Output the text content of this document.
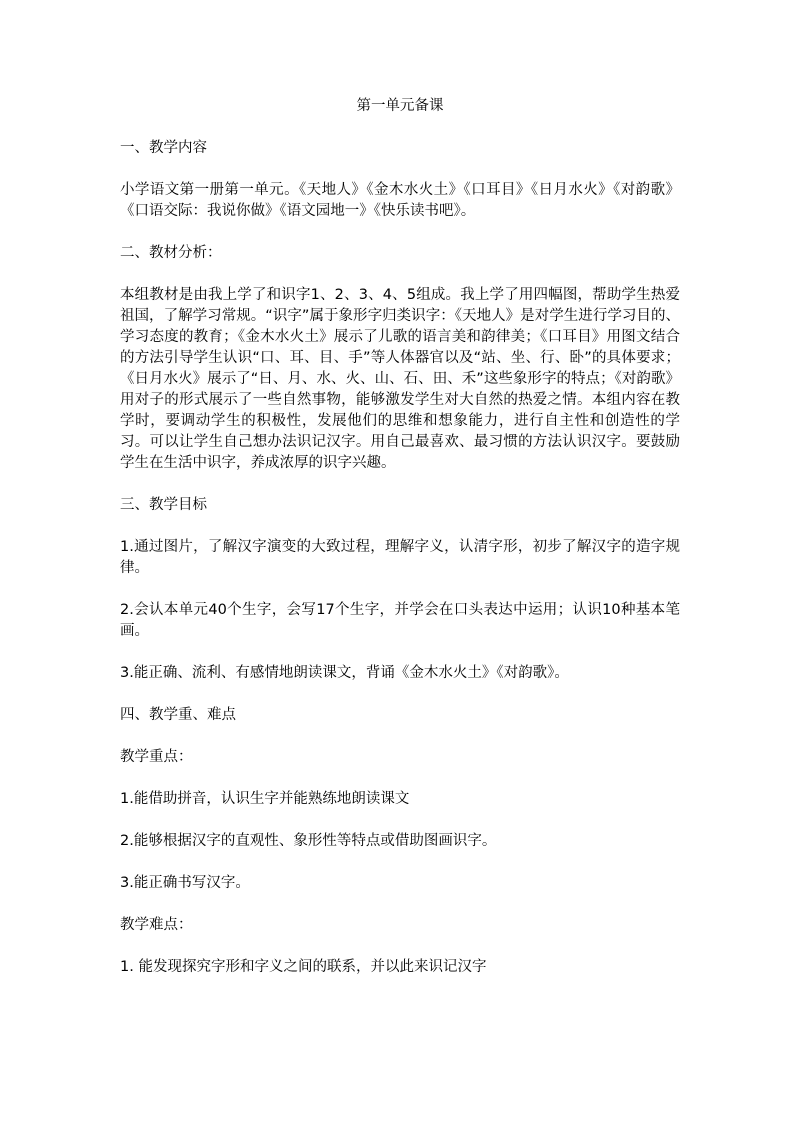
第一单元备课

一、教学内容

小学语文第一册第一单元。《天地人》《金木水火土》《口耳目》《日月水火》《对韵歌》《口语交际：我说你做》《语文园地一》《快乐读书吧》。

二、教材分析：

本组教材是由我上学了和识字1、2、3、4、5组成。我上学了用四幅图，帮助学生热爱祖国，了解学习常规。“识字”属于象形字归类识字：《天地人》是对学生进行学习目的、学习态度的教育；《金木水火土》展示了儿歌的语言美和韵律美；《口耳目》用图文结合的方法引导学生认识“口、耳、目、手”等人体器官以及“站、坐、行、卧”的具体要求；《日月水火》展示了“日、月、水、火、山、石、田、禾”这些象形字的特点；《对韵歌》用对子的形式展示了一些自然事物，能够激发学生对大自然的热爱之情。本组内容在教学时，要调动学生的积极性，发展他们的思维和想象能力，进行自主性和创造性的学习。可以让学生自己想办法识记汉字。用自己最喜欢、最习惯的方法认识汉字。要鼓励学生在生活中识字，养成浓厚的识字兴趣。

三、教学目标

1.通过图片，了解汉字演变的大致过程，理解字义，认清字形，初步了解汉字的造字规律。

2.会认本单元40个生字，会写17个生字，并学会在口头表达中运用；认识10种基本笔画。

3.能正确、流利、有感情地朗读课文，背诵《金木水火土》《对韵歌》。

四、教学重、难点

教学重点：

1.能借助拼音，认识生字并能熟练地朗读课文

2.能够根据汉字的直观性、象形性等特点或借助图画识字。

3.能正确书写汉字。

教学难点：

1. 能发现探究字形和字义之间的联系，并以此来识记汉字
